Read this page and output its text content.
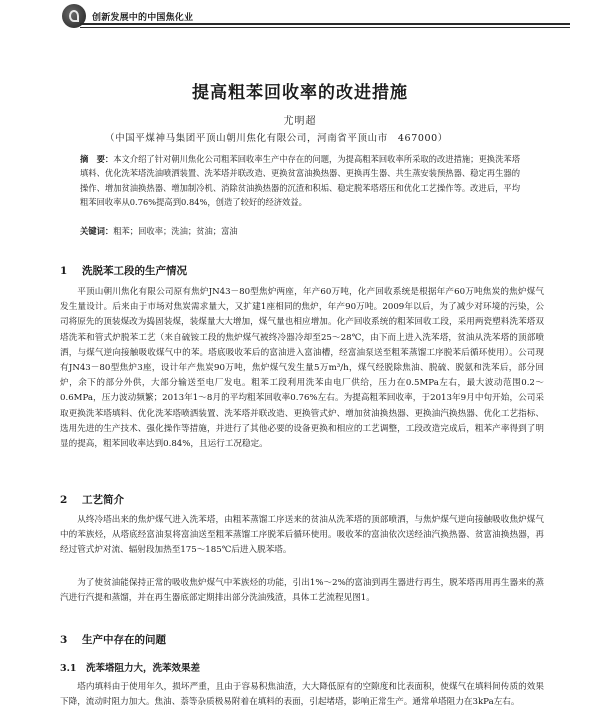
创新发展中的中国焦化业
提高粗苯回收率的改进措施
尤明超
（中国平煤神马集团平顶山朝川焦化有限公司，河南省平顶山市　467000）
摘　要：本文介绍了针对朝川焦化公司粗苯回收率生产中存在的问题，为提高粗苯回收率所采取的改进措施；更换洗苯塔填料、优化洗苯塔洗油喷洒装置、洗苯塔并联改造、更换贫富油换热器、更换再生器、共生蒸安装预热器、稳定再生器的操作、增加贫油换热器、增加制冷机、消除贫油换热器的沉渣和积垢、稳定脱苯塔塔压和优化工艺操作等。改进后，平均粗苯回收率从0.76%提高到0.84%，创造了较好的经济效益。
关键词：粗苯；回收率；洗油；贫油；富油
1 洗脱苯工段的生产情况
平顶山朝川焦化有限公司原有焦炉JN43－80型焦炉两座，年产60万吨，化产回收系统是根据年产60万吨焦炭的焦炉煤气发生量设计。后来由于市场对焦炭需求量大，又扩建1座相同的焦炉，年产90万吨。2009年以后，为了减少对环境的污染，公司将原先的顶装煤改为捣固装煤，装煤量大大增加，煤气量也相应增加。化产回收系统的粗苯回收工段，采用两瓷塑料洗苯塔双塔洗苯和管式炉脱苯工艺（来自硫铵工段的焦炉煤气被终冷器冷却至25～28℃，由下而上进入洗苯塔，贫油从洗苯塔的顶部喷洒，与煤气逆向接触吸收煤气中的苯。塔底吸收苯后的富油进入富油槽，经富油泵送至粗苯蒸馏工序脱苯后循环使用）。公司现有JN43－80型焦炉3座，设计年产焦炭90万吨，焦炉煤气发生量5万m³/h，煤气经脱除焦油、脱硫、脱氨和洗苯后，部分回炉，余下的部分外供，大部分输送至电厂发电。粗苯工段利用洗苯由电厂供给，压力在0.5MPa左右，最大波动范围0.2～0.6MPa，压力波动频繁；2013年1～8月的平均粗苯回收率0.76%左右。为提高粗苯回收率，于2013年9月中旬开始，公司采取更换洗苯塔填料、优化洗苯塔喷洒装置、洗苯塔并联改造、更换管式炉、增加贫油换热器、更换油汽换热器、优化工艺指标、选用先进的生产技术、强化操作等措施，并进行了其他必要的设备更换和相应的工艺调整，工段改造完成后，粗苯产率得到了明显的提高，粗苯回收率达到0.84%，且运行工况稳定。
2 工艺简介
从终冷塔出来的焦炉煤气进入洗苯塔，由粗苯蒸馏工序送来的贫油从洗苯塔的顶部喷洒，与焦炉煤气逆向接触吸收焦炉煤气中的苯族烃，从塔底经富油泵将富油送至粗苯蒸馏工序脱苯后循环使用。吸收苯的富油依次送经油汽换热器、贫富油换热器，再经过管式炉对流、辐射段加热至175～185℃后进入脱苯塔。
为了使贫油能保持正常的吸收焦炉煤气中苯族烃的功能，引出1%～2%的富油到再生器进行再生，脱苯塔再用再生器来的蒸汽进行汽提和蒸馏，并在再生器底部定期排出部分洗油残渣，具体工艺流程见图1。
3 生产中存在的问题
3.1 洗苯塔阻力大，洗苯效果差
塔内填料由于使用年久，损坏严重，且由于容易积焦油渣，大大降低原有的空隙度和比表面积，使煤气在填料间传质的效果下降，流动时阻力加大。焦油、萘等杂质极易附着在填料的表面，引起堵塔，影响正常生产。通常单塔阻力在3kPa左右。
